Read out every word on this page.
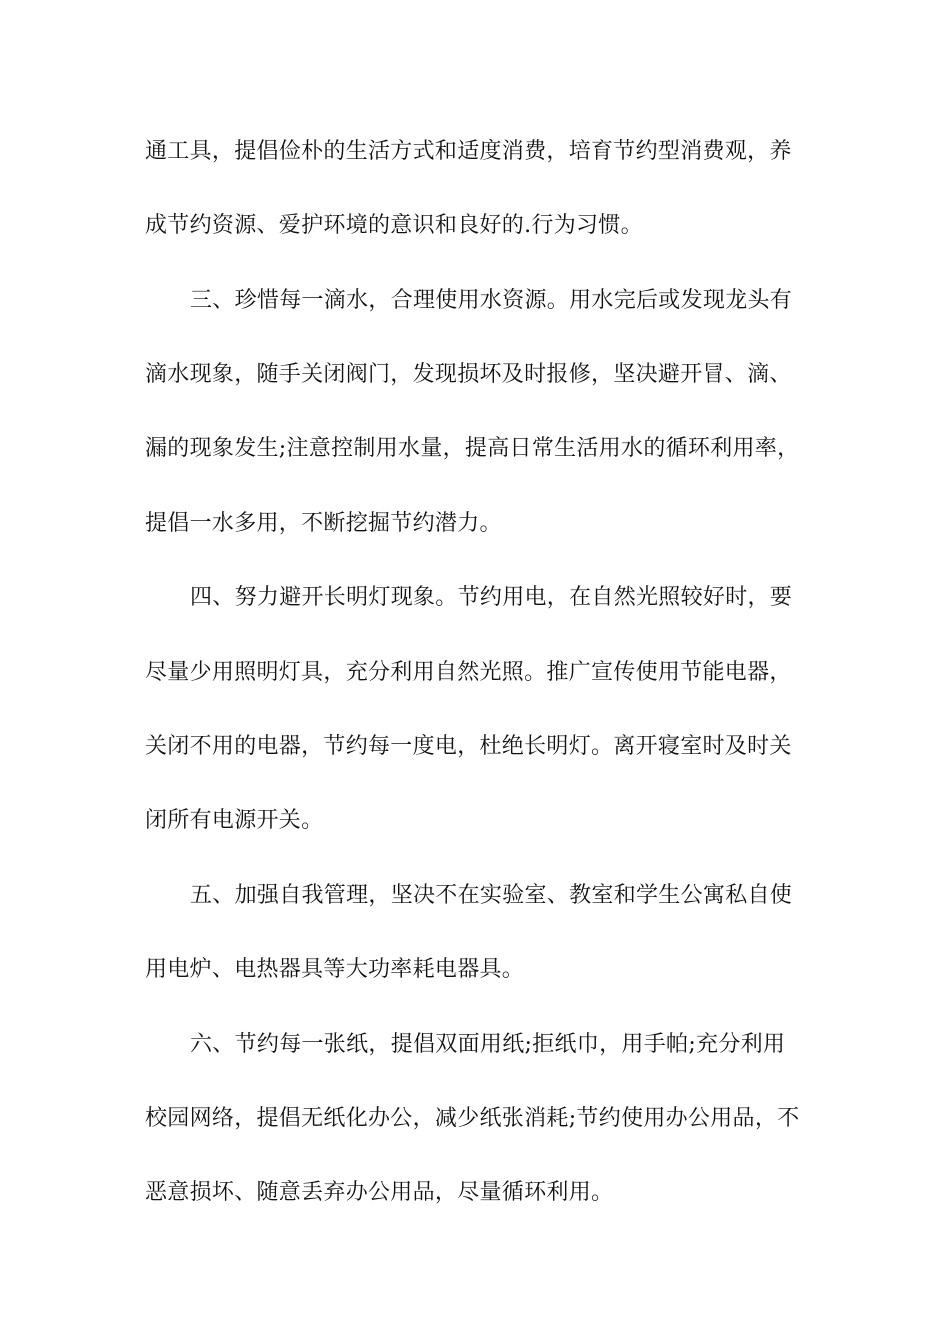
通工具，提倡俭朴的生活方式和适度消费，培育节约型消费观，养
成节约资源、爱护环境的意识和良好的.行为习惯。
三、珍惜每一滴水，合理使用水资源。用水完后或发现龙头有
滴水现象，随手关闭阀门，发现损坏及时报修，坚决避开冒、滴、
漏的现象发生;注意控制用水量，提高日常生活用水的循环利用率，
提倡一水多用，不断挖掘节约潜力。
四、努力避开长明灯现象。节约用电，在自然光照较好时，要
尽量少用照明灯具，充分利用自然光照。推广宣传使用节能电器，
关闭不用的电器，节约每一度电，杜绝长明灯。离开寝室时及时关
闭所有电源开关。
五、加强自我管理，坚决不在实验室、教室和学生公寓私自使
用电炉、电热器具等大功率耗电器具。
六、节约每一张纸，提倡双面用纸;拒纸巾，用手帕;充分利用
校园网络，提倡无纸化办公，减少纸张消耗;节约使用办公用品，不
恶意损坏、随意丢弃办公用品，尽量循环利用。
